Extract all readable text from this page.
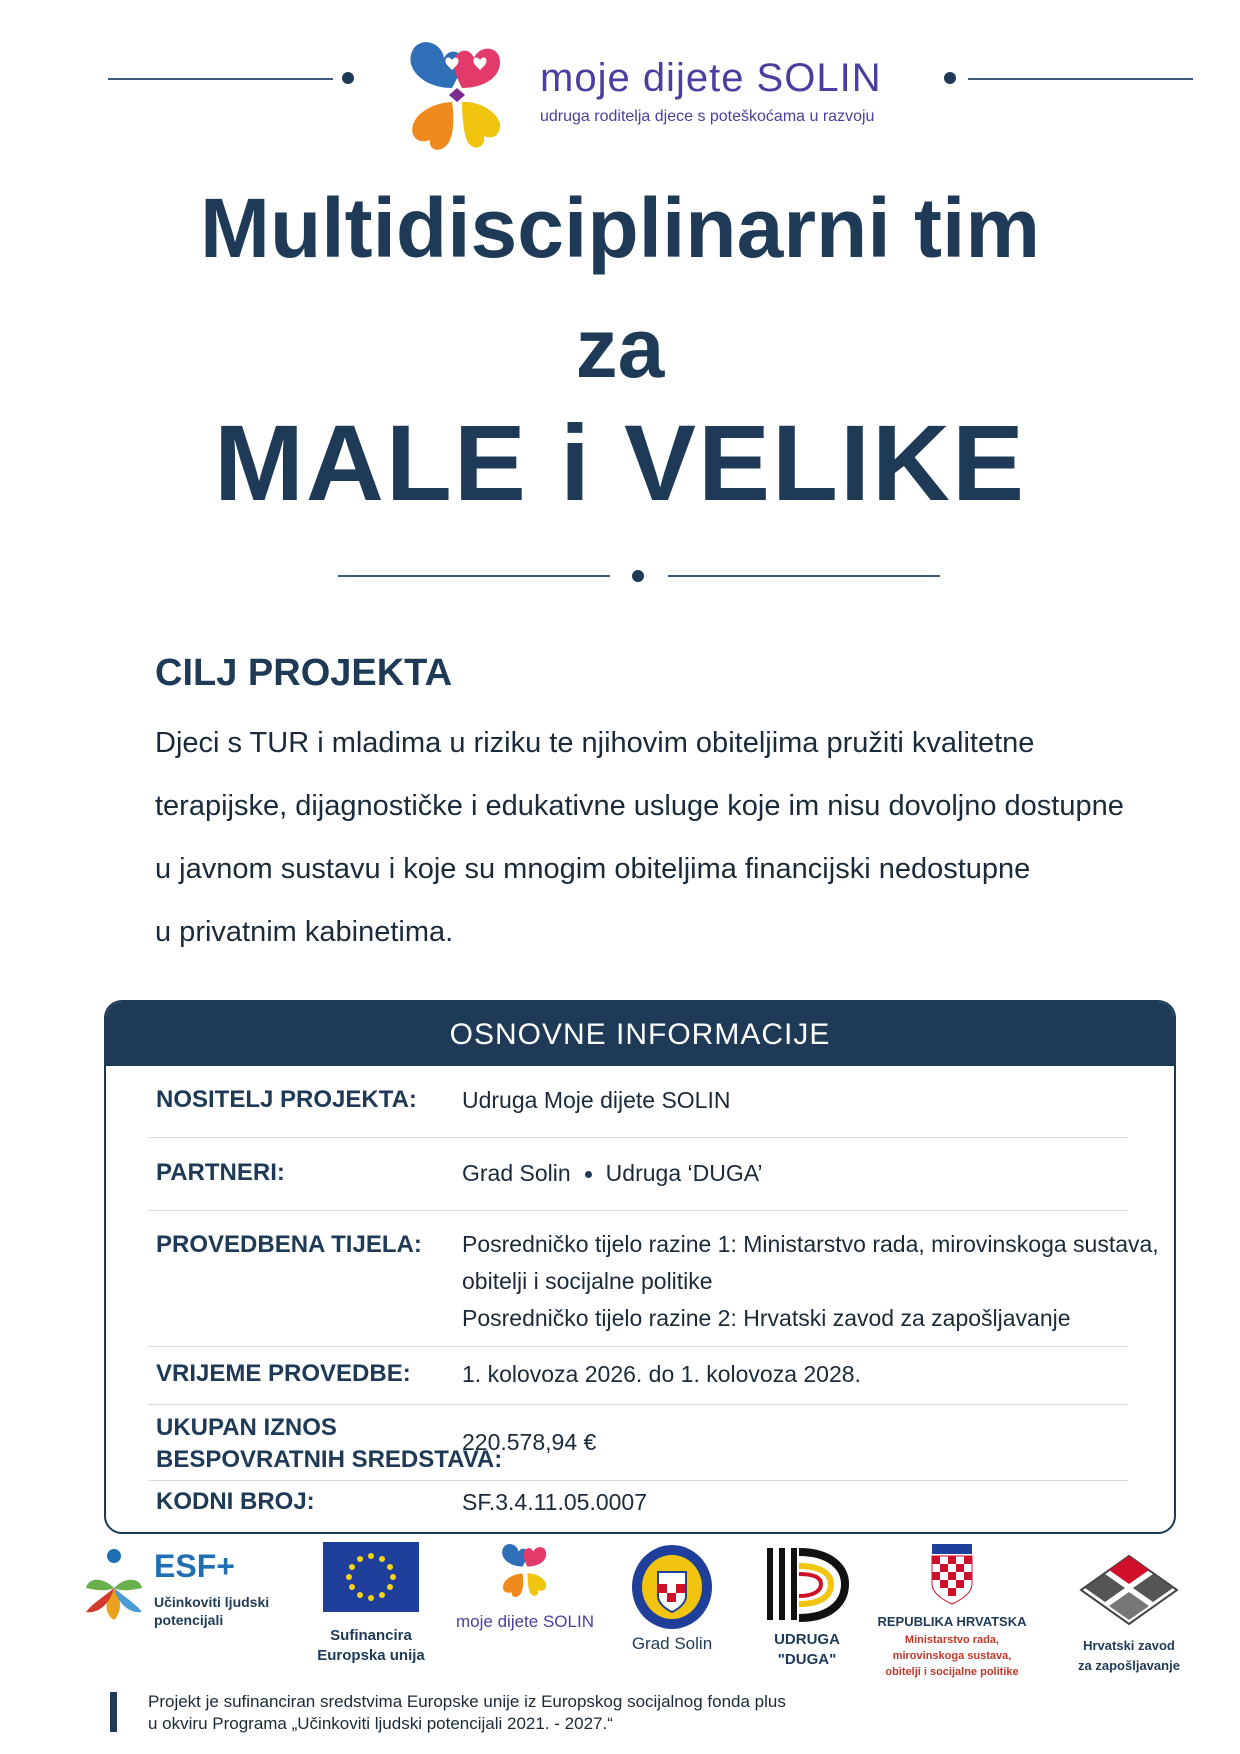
moje dijete SOLIN
udruga roditelja djece s poteškoćama u razvoju
Multidisciplinarni tim
za
MALE i VELIKE
CILJ PROJEKTA
Djeci s TUR i mladima u riziku te njihovim obiteljima pružiti kvalitetne
terapijske, dijagnostičke i edukativne usluge koje im nisu dovoljno dostupne
u javnom sustavu i koje su mnogim obiteljima financijski nedostupne
u privatnim kabinetima.
OSNOVNE INFORMACIJE
NOSITELJ PROJEKTA: Udruga Moje dijete SOLIN
PARTNERI:	Grad Solin Udruga ‘DUGA’
PROVEDBENA TIJELA: Posredničko tijelo razine 1: Ministarstvo rada, mirovinskoga sustava,
obitelji i socijalne politike
Posredničko tijelo razine 2: Hrvatski zavod za zapošljavanje
VRIJEME PROVEDBE: 1. kolovoza 2026. do 1. kolovoza 2028.
UKUPAN IZNOS
BESPOVRATNIH SREDSTAVA:
220.578,94 €
KODNI BROJ:	SF.3.4.11.05.0007
ESF+
Učinkoviti ljudski
potencijali
Sufinancira
Europska unija
moje dijete SOLIN
Grad Solin	UDRUGA
"DUGA"
REPUBLIKA HRVATSKA
Ministarstvo rada,
mirovinskoga sustava,
obitelji i socijalne politike
Hrvatski zavod
za zapošljavanje
Projekt je sufinanciran sredstvima Europske unije iz Europskog socijalnog fonda plus
u okviru Programa „Učinkoviti ljudski potencijali 2021. - 2027.“
